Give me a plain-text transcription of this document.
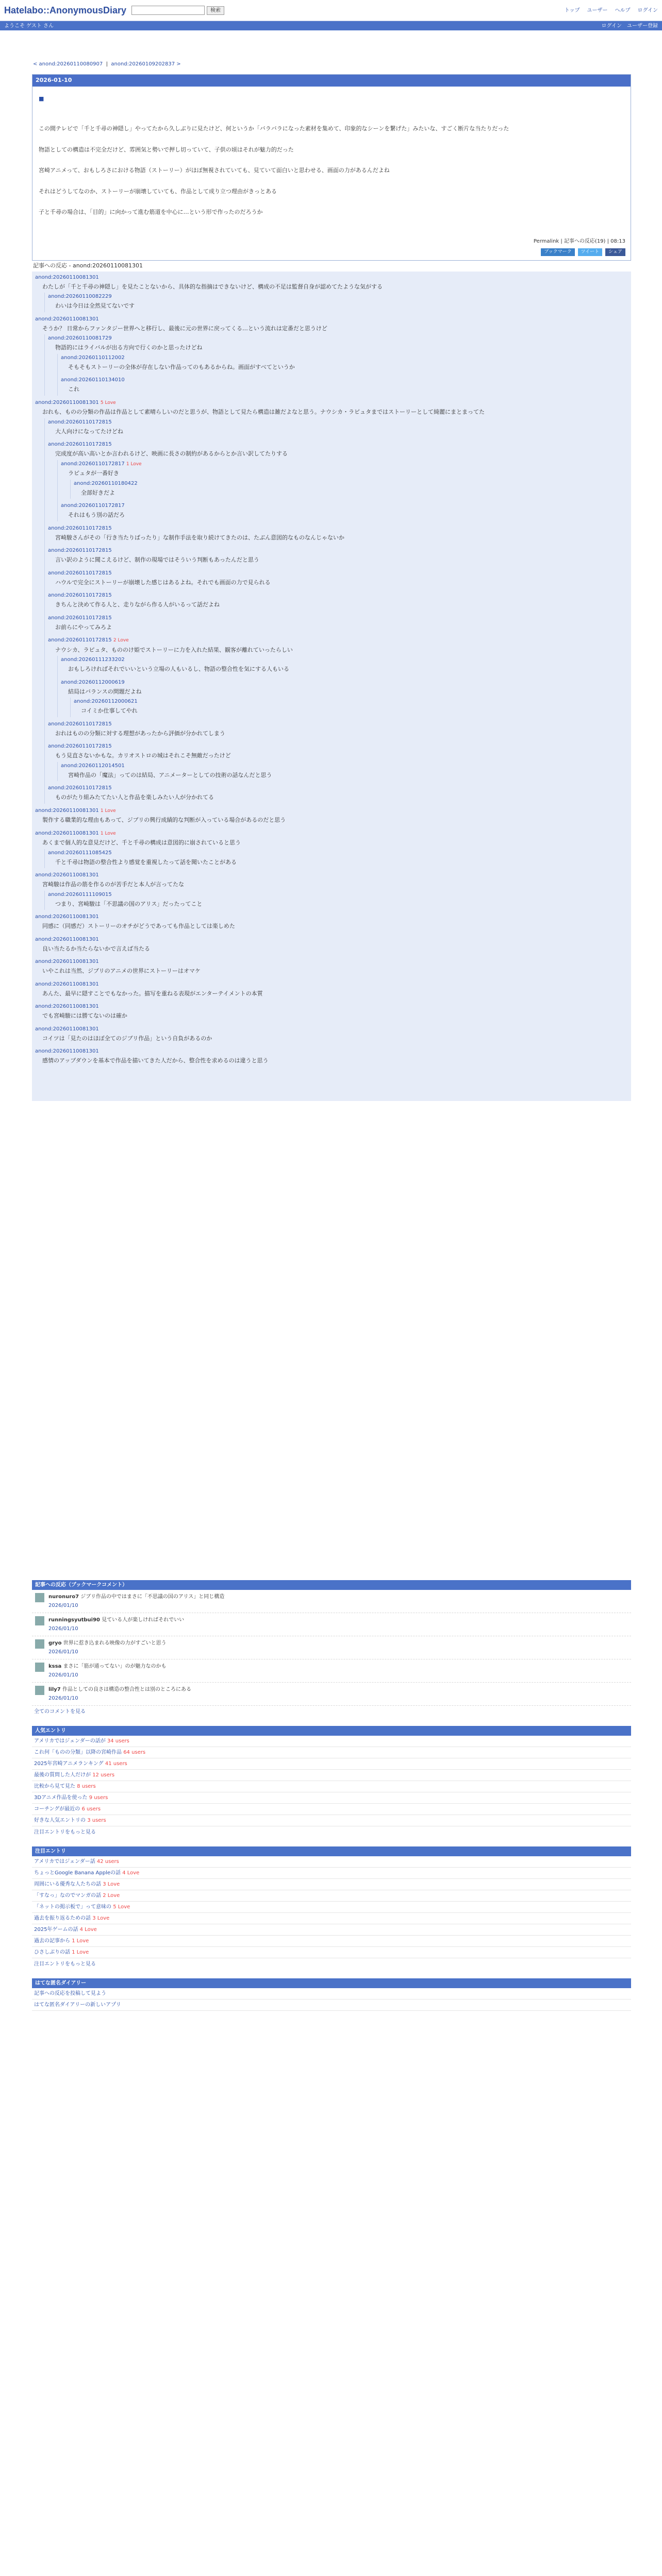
Hatelabo::AnonymousDiary	検索	トップ ユーザー ヘルプ ログイン
ようこそ ゲスト さん	ログイン ユーザー登録
< anond:20260110080907  |  anond:20260109202837 >
2026-01-10
■

この間テレビで「千と千尋の神隠し」やってたから久しぶりに見たけど、何というか「バラバラになった素材を集めて、印象的なシーンを繋げた」みたいな、すごく断片な当たりだった

物語としての構造は不完全だけど、雰囲気と勢いで押し切っていて、子供の頃はそれが魅力的だった

宮崎アニメって、おもしろさにおける物語（ストーリー）がほぼ無視されていても、見ていて面白いと思わせる、画面の力があるんだよね

それはどうしてなのか、ストーリーが崩壊していても、作品として成り立つ理由がきっとある

子と千尋の場合は、「目的」に向かって進む筋道を中心に…という形で作ったのだろうか

Permalink | 記事への反応(19) | 08:13
ブックマーク	ツイート	シェア
記事への反応 - anond:20260110081301
anond:20260110081301
わたしが「千と千尋の神隠し」を見たことないから、具体的な指摘はできないけど、構成の不足は監督自身が認めてたような気がする
anond:20260110082229
わいは今日は全然見てないです
anond:20260110081301
そうか？ 日常からファンタジー世界へと移行し、最後に元の世界に戻ってくる…という流れは定番だと思うけど
anond:20260110081729
物語的にはライバルが出る方向で行くのかと思ったけどね
anond:20260110112002
そもそもストーリーの全体が存在しない作品ってのもあるからね。画面がすべてというか
anond:20260110134010
これ
anond:20260110081301 5 Love
おれも、ものの分類の作品は作品として素晴らしいのだと思うが、物語として見たら構造は雑だよなと思う。ナウシカ・ラピュタまではストーリーとして綺麗にまとまってた
anond:20260110172815
大人向けになってたけどね
anond:20260110172815
完成度が高い高いとか言われるけど、映画に長さの制約があるからとか言い訳してたりする
anond:20260110172817 1 Love
ラピュタが一番好き
anond:20260110180422
全部好きだよ
anond:20260110172817
それはもう別の話だろ
anond:20260110172815
宮崎駿さんがその「行き当たりばったり」な制作手法を取り続けてきたのは、たぶん意図的なものなんじゃないか
anond:20260110172815
言い訳のように聞こえるけど、制作の現場ではそういう判断もあったんだと思う
anond:20260110172815
ハウルで完全にストーリーが崩壊した感じはあるよね。それでも画面の力で見られる
anond:20260110172815
きちんと決めて作る人と、走りながら作る人がいるって話だよね
anond:20260110172815
お前らにやってみろよ
anond:20260110172815 2 Love
ナウシカ、ラピュタ、もののけ姫でストーリーに力を入れた結果、観客が離れていったらしい
anond:20260111233202
おもしろければそれでいいという立場の人もいるし、物語の整合性を気にする人もいる
anond:20260112000619
結局はバランスの問題だよね
anond:20260112000621
コイミか仕事してやれ
anond:20260110172815
おれはものの分類に対する理想があったから評価が分かれてしまう
anond:20260110172815
もう見直さないかもな。カリオストロの城はそれこそ無敵だったけど
anond:20260112014501
宮崎作品の「魔法」ってのは結局、アニメーターとしての技術の話なんだと思う
anond:20260110172815
ものがたり組みたてたい人と作品を楽しみたい人が分かれてる
anond:20260110081301 1 Love
製作する職業的な理由もあって、ジブリの興行成績的な判断が入っている場合があるのだと思う
anond:20260110081301 1 Love
あくまで個人的な意見だけど、千と千尋の構成は意図的に崩されていると思う
anond:20260111085425
千と千尋は物語の整合性より感覚を重視したって話を聞いたことがある
anond:20260110081301
宮崎駿は作品の筋を作るのが苦手だと本人が言ってたな
anond:20260111109015
つまり、宮崎駿は「不思議の国のアリス」だったってこと
anond:20260110081301
同感に（同感だ）ストーリーのオチがどうであっても作品としては楽しめた
anond:20260110081301
良い当たるか当たらないかで言えば当たる
anond:20260110081301
いやこれは当然、ジブリのアニメの世界にストーリーはオマケ
anond:20260110081301
あんた、最早に隠すことでもなかった。描写を重ねる表現がエンターテイメントの本質
anond:20260110081301
でも宮崎駿には勝てないのは確か
anond:20260110081301
コイツは「見たのはほぼ全てのジブリ作品」という自負があるのか
anond:20260110081301
感情のアップダウンを基本で作品を描いてきた人だから、整合性を求めるのは違うと思う
記事への反応（ブックマークコメント）
nuronuro7 ジブリ作品の中ではまさに「不思議の国のアリス」と同じ構造
2026/01/10
runningsyutbui90 見ている人が楽しければそれでいい
2026/01/10
gryo 世界に惹き込まれる映像の力がすごいと思う
2026/01/10
kssa まさに「筋が通ってない」のが魅力なのかも
2026/01/10
lily7 作品としての良さは構造の整合性とは別のところにある
2026/01/10
全てのコメントを見る
人気エントリ
アメリカではジェンダーの話が 34 users
これ何「ものの分類」以降の宮崎作品 64 users
2025年宮崎アニメランキング 41 users
最後の質問した人だけが 12 users
比較から見て見た 8 users
3Dアニメ作品を使った 9 users
コーチングが最近の 6 users
好きな人気エントリの 3 users
注目エントリをもっと見る
注目エントリ
アメリカではジェンダー話 42 users
ちょっとGoogle Banana Appleの話 4 Love
周囲にいる優秀な人たちの話 3 Love
「すなっ」なのでマンガの話 2 Love
「ネットの掲示板で」って意味の 5 Love
過去を振り返るための話 3 Love
2025年ゲームの話 4 Love
過去の記事から 1 Love
ひさしぶりの話 1 Love
注目エントリをもっと見る
はてな匿名ダイアリー
記事への反応を投稿して見よう
はてな匿名ダイアリーの新しいアプリ
